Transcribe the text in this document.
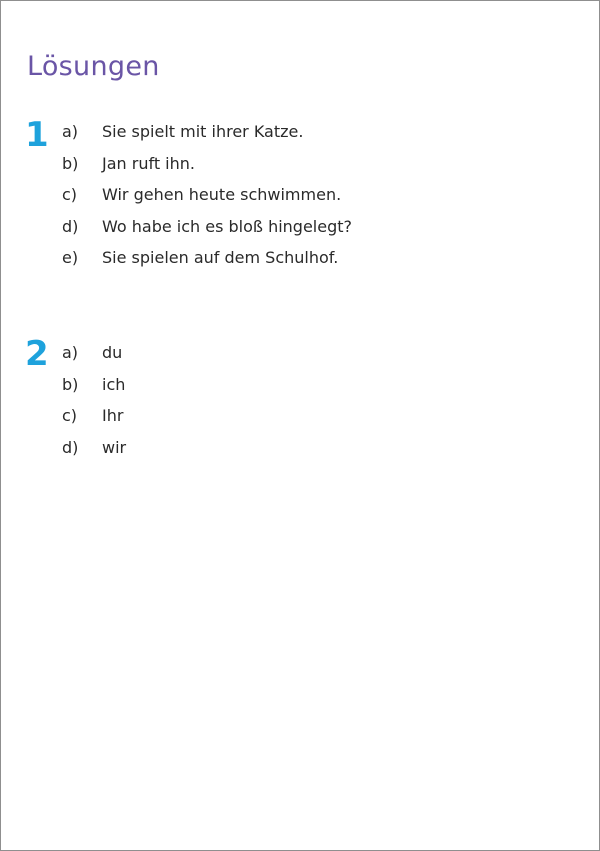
Lösungen
1 a)	Sie spielt mit ihrer Katze.
b)	Jan ruft ihn.
c)	Wir gehen heute schwimmen.
d)	Wo habe ich es bloß hingelegt?
e)	Sie spielen auf dem Schulhof.
2 a)	du
b)	ich
c)	Ihr
d)	wir
